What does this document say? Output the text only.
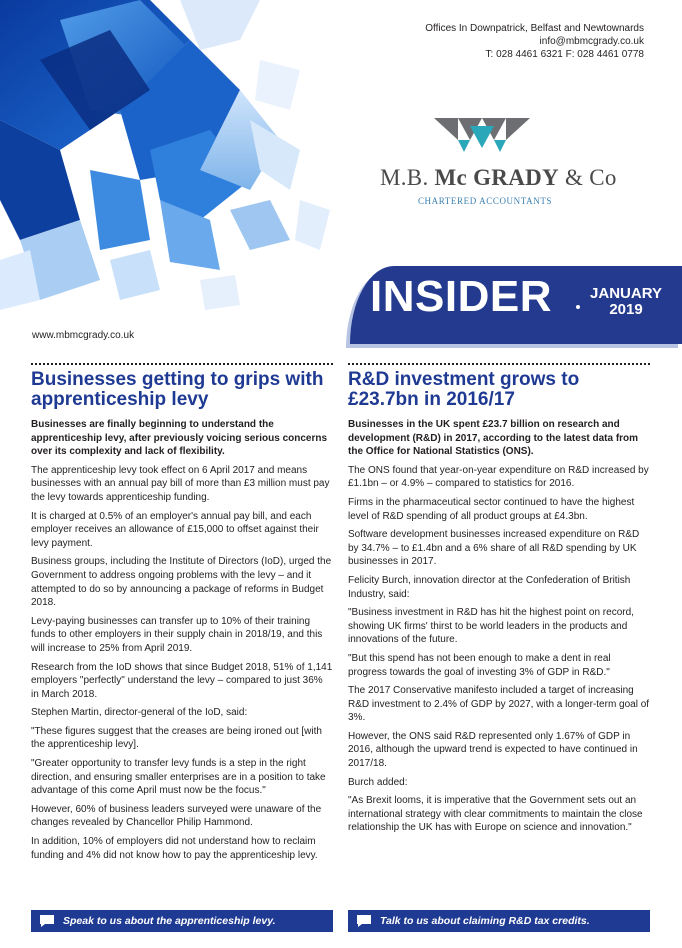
Offices In Downpatrick, Belfast and Newtownards
info@mbmcgrady.co.uk
T: 028 4461 6321 F: 028 4461 0778
M.B. Mc GRADY & Co
CHARTERED ACCOUNTANTS
INSIDER	JANUARY
2019
www.mbmcgrady.co.uk
Businesses getting to grips with apprenticeship levy
Businesses are finally beginning to understand the apprenticeship levy, after previously voicing serious concerns over its complexity and lack of flexibility.

The apprenticeship levy took effect on 6 April 2017 and means businesses with an annual pay bill of more than £3 million must pay the levy towards apprenticeship funding.

It is charged at 0.5% of an employer's annual pay bill, and each employer receives an allowance of £15,000 to offset against their levy payment.

Business groups, including the Institute of Directors (IoD), urged the Government to address ongoing problems with the levy – and it attempted to do so by announcing a package of reforms in Budget 2018.

Levy-paying businesses can transfer up to 10% of their training funds to other employers in their supply chain in 2018/19, and this will increase to 25% from April 2019.

Research from the IoD shows that since Budget 2018, 51% of 1,141 employers "perfectly" understand the levy – compared to just 36% in March 2018.

Stephen Martin, director-general of the IoD, said:

"These figures suggest that the creases are being ironed out [with the apprenticeship levy].

"Greater opportunity to transfer levy funds is a step in the right direction, and ensuring smaller enterprises are in a position to take advantage of this come April must now be the focus."

However, 60% of business leaders surveyed were unaware of the changes revealed by Chancellor Philip Hammond.

In addition, 10% of employers did not understand how to reclaim funding and 4% did not know how to pay the apprenticeship levy.

R&D investment grows to £23.7bn in 2016/17
Businesses in the UK spent £23.7 billion on research and development (R&D) in 2017, according to the latest data from the Office for National Statistics (ONS).

The ONS found that year-on-year expenditure on R&D increased by £1.1bn – or 4.9% – compared to statistics for 2016.

Firms in the pharmaceutical sector continued to have the highest level of R&D spending of all product groups at £4.3bn.

Software development businesses increased expenditure on R&D by 34.7% – to £1.4bn and a 6% share of all R&D spending by UK businesses in 2017.

Felicity Burch, innovation director at the Confederation of British Industry, said:

"Business investment in R&D has hit the highest point on record, showing UK firms' thirst to be world leaders in the products and innovations of the future.

"But this spend has not been enough to make a dent in real progress towards the goal of investing 3% of GDP in R&D."

The 2017 Conservative manifesto included a target of increasing R&D investment to 2.4% of GDP by 2027, with a longer-term goal of 3%.

However, the ONS said R&D represented only 1.67% of GDP in 2016, although the upward trend is expected to have continued in 2017/18.

Burch added:

"As Brexit looms, it is imperative that the Government sets out an international strategy with clear commitments to maintain the close relationship the UK has with Europe on science and innovation."

Speak to us about the apprenticeship levy.	Talk to us about claiming R&D tax credits.
